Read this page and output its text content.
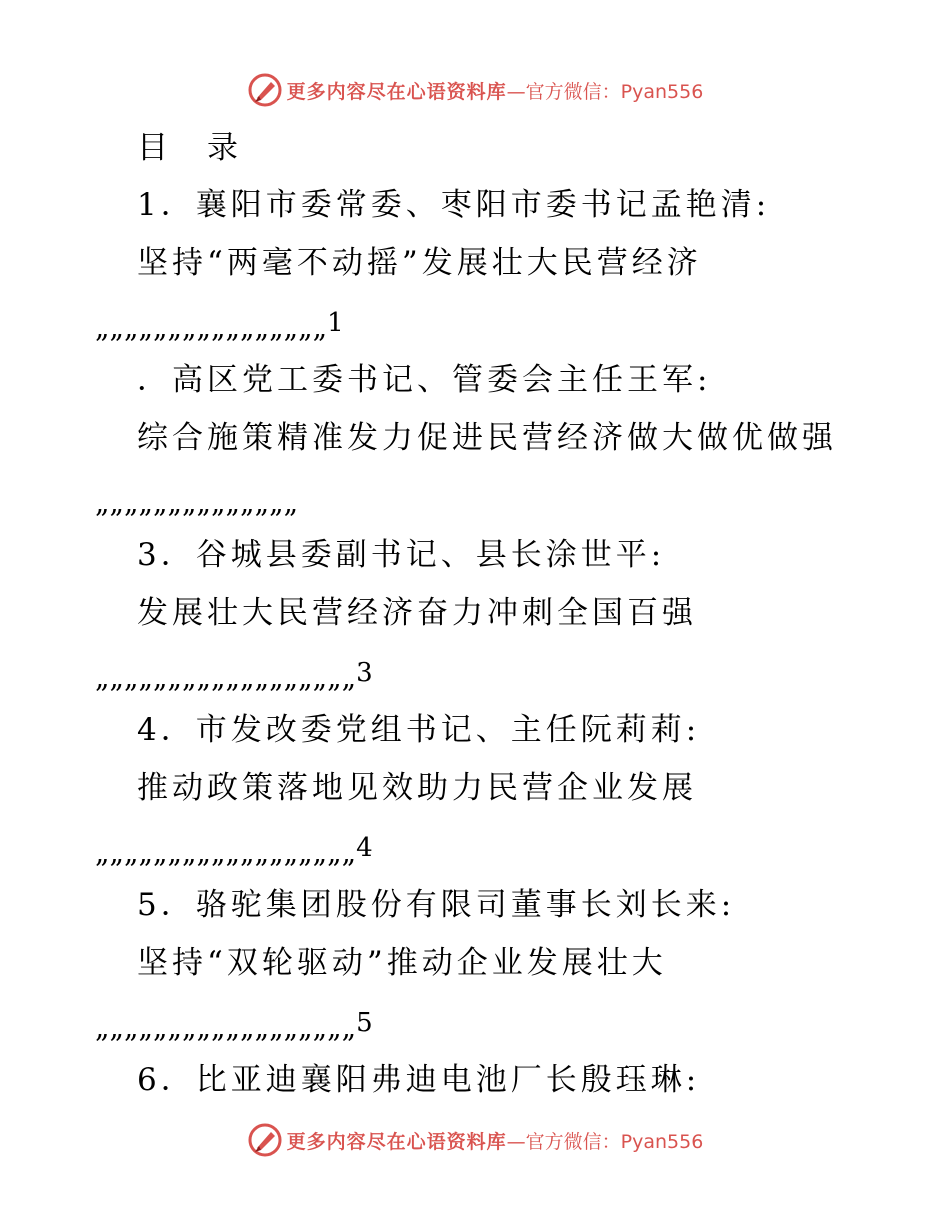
更多内容尽在心语资料库 —官方微信：Pyan556
目　录
1．襄阳市委常委、枣阳市委书记孟艳清:
坚持“两毫不动摇”发展壮大民营经济
„„„„„„„„„„„„„„„„1
．高区党工委书记、管委会主任王军:
综合施策精准发力促进民营经济做大做优做强
„„„„„„„„„„„„„„
3．谷城县委副书记、县长涂世平:
发展壮大民营经济奋力冲刺全国百强
„„„„„„„„„„„„„„„„„„3
4．市发改委党组书记、主任阮莉莉:
推动政策落地见效助力民营企业发展
„„„„„„„„„„„„„„„„„„4
5．骆驼集团股份有限司董事长刘长来:
坚持“双轮驱动”推动企业发展壮大
„„„„„„„„„„„„„„„„„„5
6．比亚迪襄阳弗迪电池厂长殷珏琳:
更多内容尽在心语资料库 —官方微信：Pyan556
